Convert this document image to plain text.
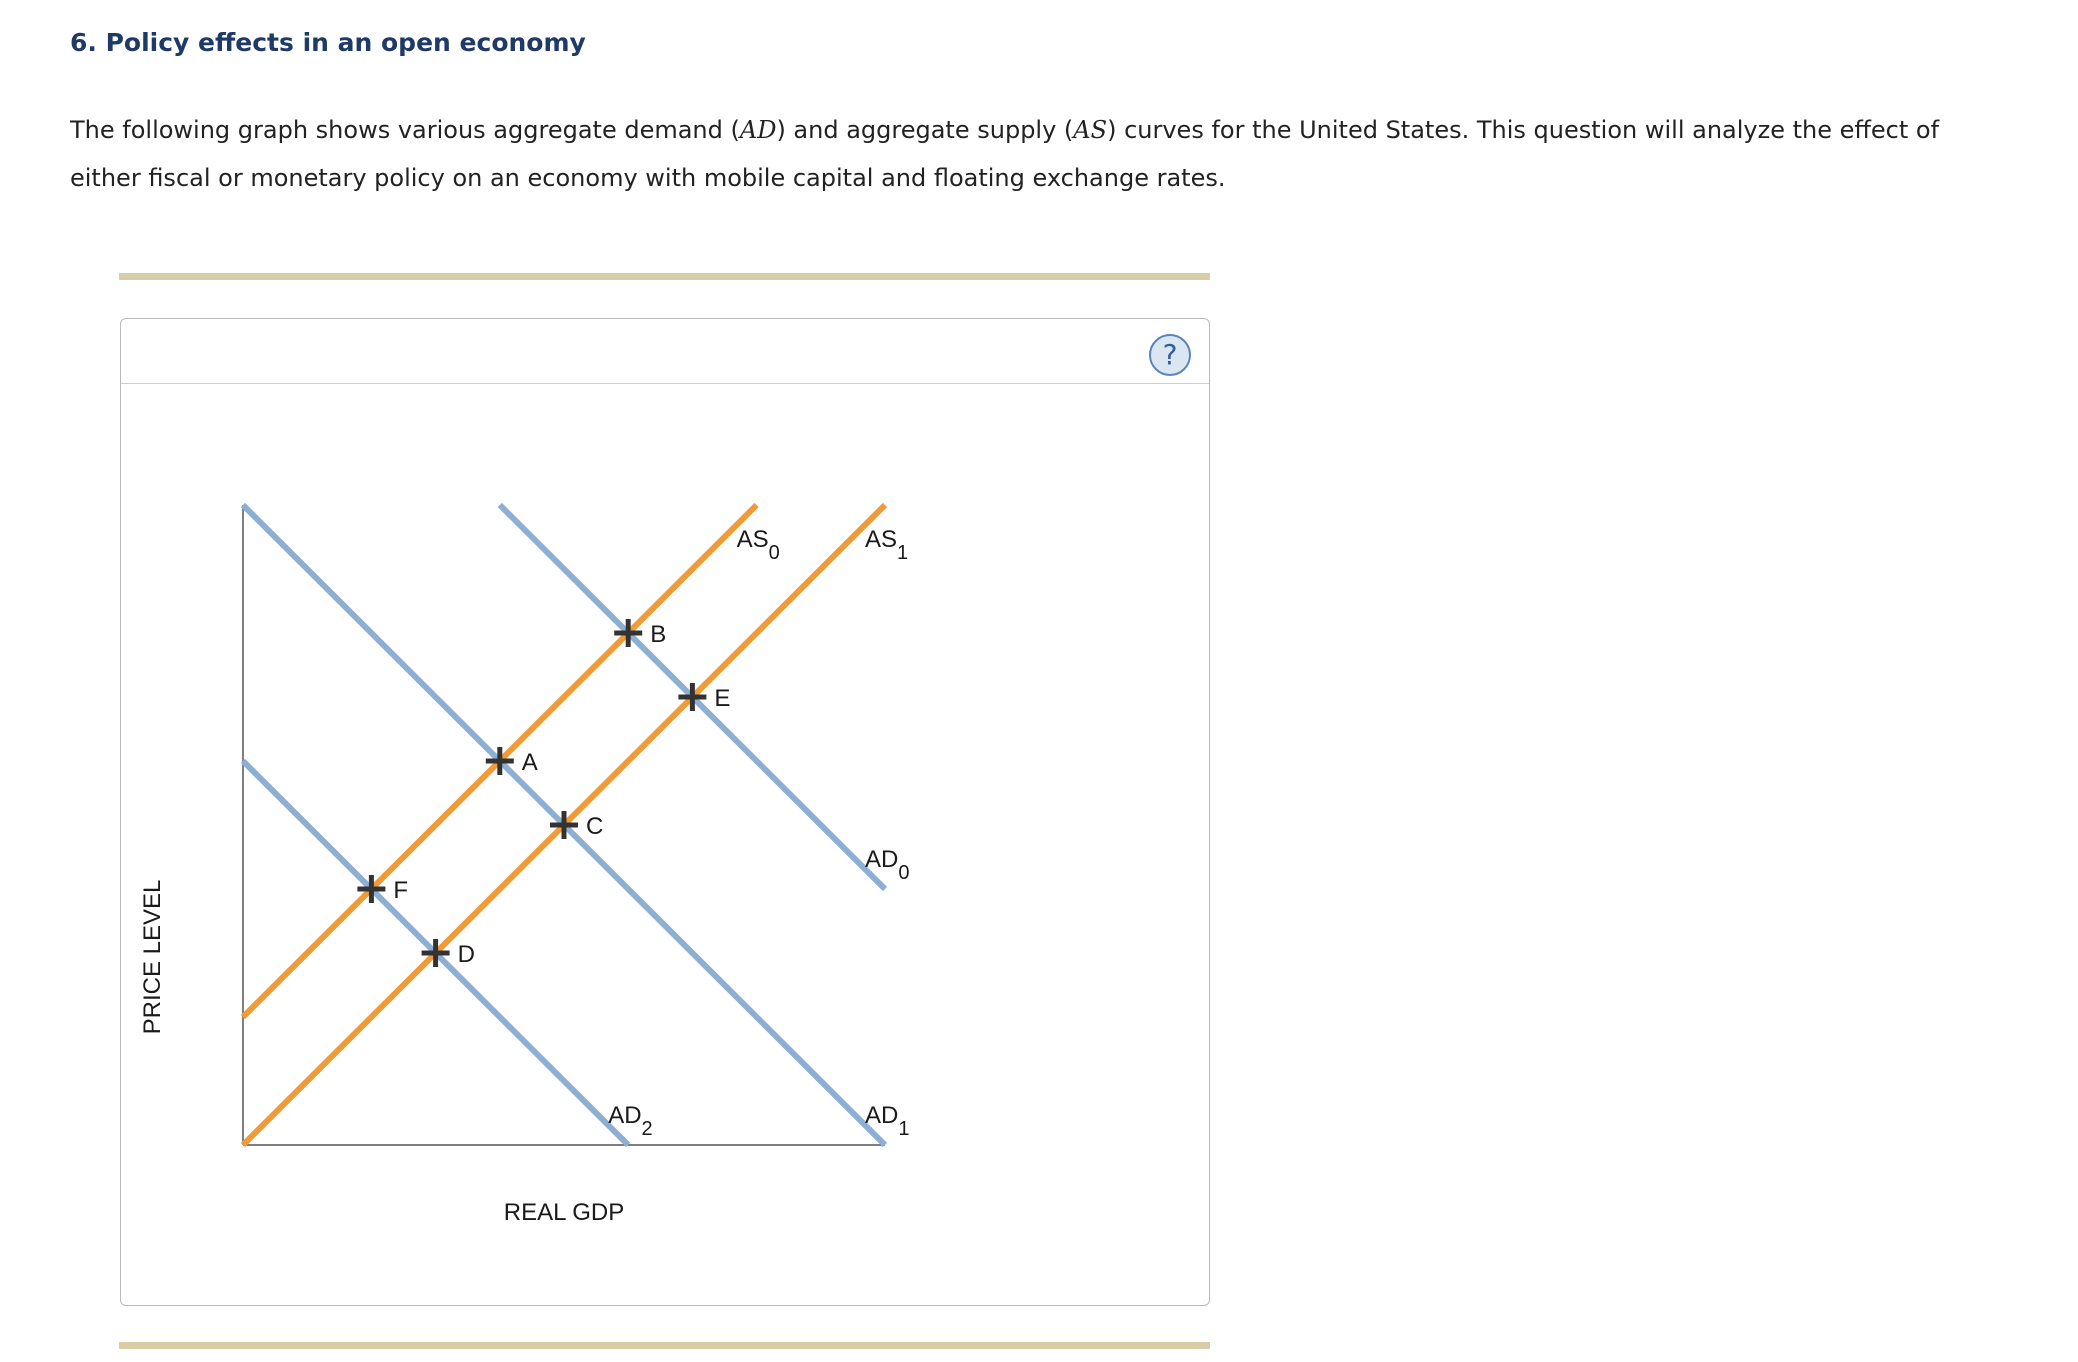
6. Policy effects in an open economy

The following graph shows various aggregate demand (AD) and aggregate supply (AS) curves for the United States. This question will analyze the effect of either fiscal or monetary policy on an economy with mobile capital and floating exchange rates.

?
REAL GDP
PRICE LEVEL
$AS_0$	$AS_1$
$AD_0$
$AD_1$
$AD_2$
A
B
C
D
E
F
